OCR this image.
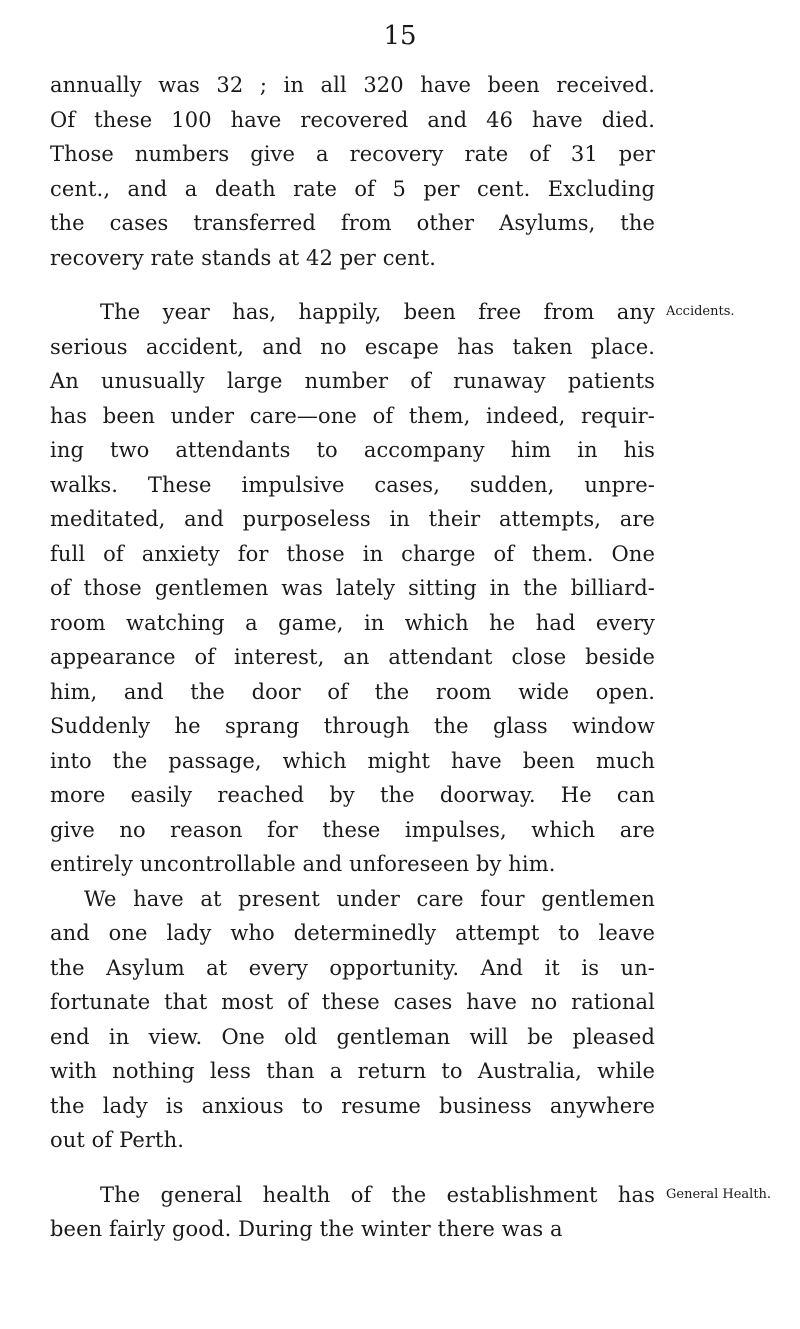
15
annually was 32 ; in all 320 have been received.
Of these 100 have recovered and 46 have died.
Those numbers give a recovery rate of 31 per
cent., and a death rate of 5 per cent. Excluding
the cases transferred from other Asylums, the
recovery rate stands at 42 per cent.
Accidents.
The year has, happily, been free from any
serious accident, and no escape has taken place.
An unusually large number of runaway patients
has been under care—one of them, indeed, requir-
ing two attendants to accompany him in his
walks. These impulsive cases, sudden, unpre-
meditated, and purposeless in their attempts, are
full of anxiety for those in charge of them. One
of those gentlemen was lately sitting in the billiard-
room watching a game, in which he had every
appearance of interest, an attendant close beside
him, and the door of the room wide open.
Suddenly he sprang through the glass window
into the passage, which might have been much
more easily reached by the doorway. He can
give no reason for these impulses, which are
entirely uncontrollable and unforeseen by him.
We have at present under care four gentlemen
and one lady who determinedly attempt to leave
the Asylum at every opportunity. And it is un-
fortunate that most of these cases have no rational
end in view. One old gentleman will be pleased
with nothing less than a return to Australia, while
the lady is anxious to resume business anywhere
out of Perth.
General Health.
The general health of the establishment has
been fairly good. During the winter there was a
